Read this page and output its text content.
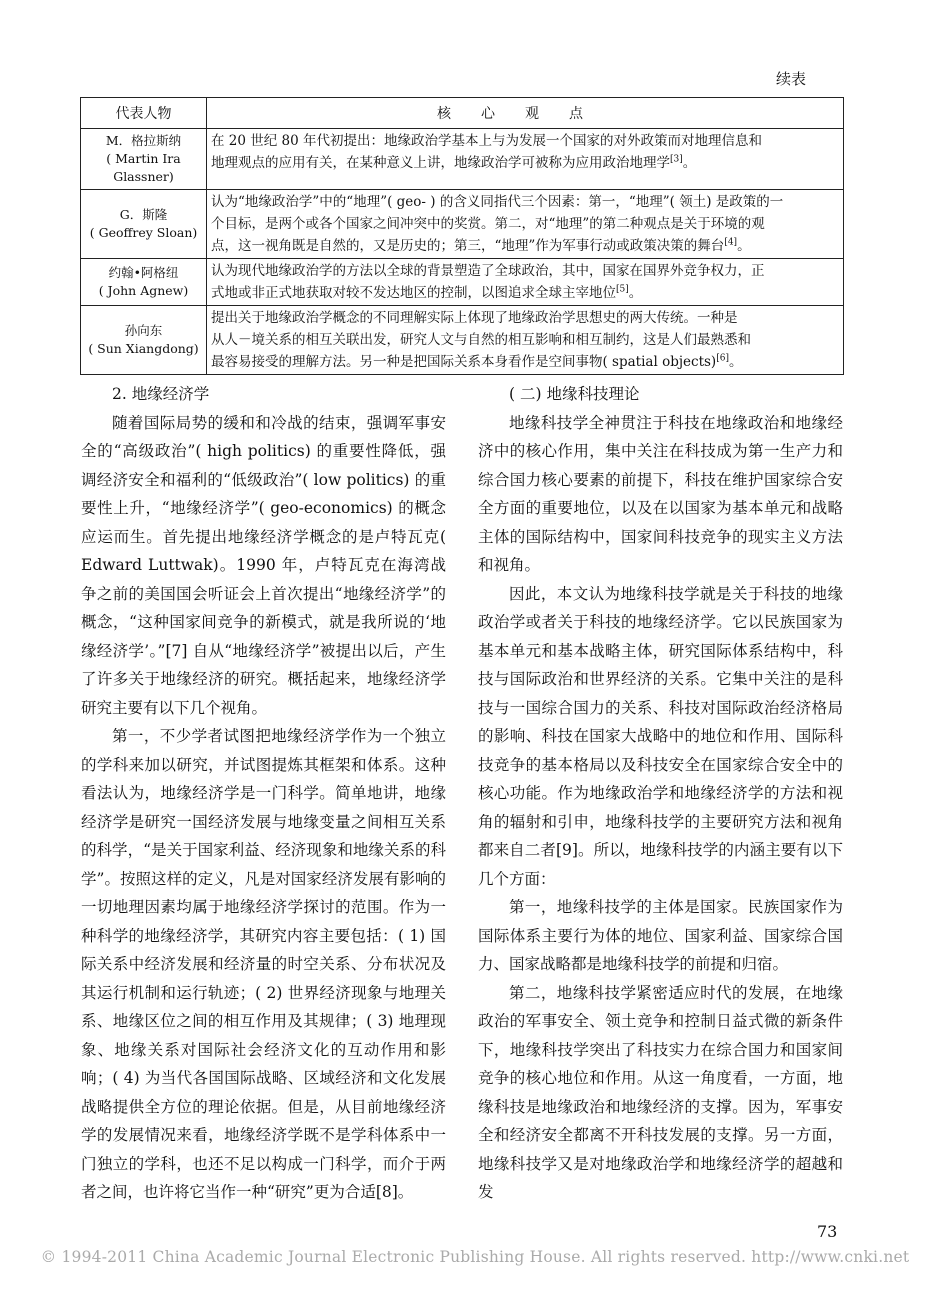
续表
代表人物	核心观点

M．格拉斯纳
( Martin Ira Glassner)	在 20 世纪 80 年代初提出：地缘政治学基本上与为发展一个国家的对外政策而对地理信息和
地理观点的应用有关，在某种意义上讲，地缘政治学可被称为应用政治地理学[3]。

G．斯隆
( Geoffrey Sloan)	认为“地缘政治学”中的“地理”( geo- ) 的含义同指代三个因素：第一，“地理”( 领土) 是政策的一
个目标，是两个或各个国家之间冲突中的奖赏。第二，对“地理”的第二种观点是关于环境的观
点，这一视角既是自然的，又是历史的；第三，“地理”作为军事行动或政策决策的舞台[4]。

约翰•阿格纽
( John Agnew)	认为现代地缘政治学的方法以全球的背景塑造了全球政治，其中，国家在国界外竞争权力，正
式地或非正式地获取对较不发达地区的控制，以图追求全球主宰地位[5]。

孙向东
( Sun Xiangdong)	提出关于地缘政治学概念的不同理解实际上体现了地缘政治学思想史的两大传统。一种是
从人－境关系的相互关联出发，研究人文与自然的相互影响和相互制约，这是人们最熟悉和
最容易接受的理解方法。另一种是把国际关系本身看作是空间事物( spatial objects)[6]。
2. 地缘经济学

随着国际局势的缓和和冷战的结束，强调军事安全的“高级政治”( high politics) 的重要性降低，强调经济安全和福利的“低级政治”( low politics) 的重要性上升，“地缘经济学”( geo-economics) 的概念应运而生。首先提出地缘经济学概念的是卢特瓦克( Edward Luttwak)。1990 年，卢特瓦克在海湾战争之前的美国国会听证会上首次提出“地缘经济学”的概念，“这种国家间竞争的新模式，就是我所说的‘地缘经济学’。”[7] 自从“地缘经济学”被提出以后，产生了许多关于地缘经济的研究。概括起来，地缘经济学研究主要有以下几个视角。

第一，不少学者试图把地缘经济学作为一个独立的学科来加以研究，并试图提炼其框架和体系。这种看法认为，地缘经济学是一门科学。简单地讲，地缘经济学是研究一国经济发展与地缘变量之间相互关系的科学，“是关于国家利益、经济现象和地缘关系的科学”。按照这样的定义，凡是对国家经济发展有影响的一切地理因素均属于地缘经济学探讨的范围。作为一种科学的地缘经济学，其研究内容主要包括：( 1) 国际关系中经济发展和经济量的时空关系、分布状况及其运行机制和运行轨迹；( 2) 世界经济现象与地理关系、地缘区位之间的相互作用及其规律；( 3) 地理现象、地缘关系对国际社会经济文化的互动作用和影响；( 4) 为当代各国国际战略、区域经济和文化发展战略提供全方位的理论依据。但是，从目前地缘经济学的发展情况来看，地缘经济学既不是学科体系中一门独立的学科，也还不足以构成一门科学，而介于两者之间，也许将它当作一种“研究”更为合适[8]。

( 二) 地缘科技理论

地缘科技学全神贯注于科技在地缘政治和地缘经济中的核心作用，集中关注在科技成为第一生产力和综合国力核心要素的前提下，科技在维护国家综合安全方面的重要地位，以及在以国家为基本单元和战略主体的国际结构中，国家间科技竞争的现实主义方法和视角。

因此，本文认为地缘科技学就是关于科技的地缘政治学或者关于科技的地缘经济学。它以民族国家为基本单元和基本战略主体，研究国际体系结构中，科技与国际政治和世界经济的关系。它集中关注的是科技与一国综合国力的关系、科技对国际政治经济格局的影响、科技在国家大战略中的地位和作用、国际科技竞争的基本格局以及科技安全在国家综合安全中的核心功能。作为地缘政治学和地缘经济学的方法和视角的辐射和引申，地缘科技学的主要研究方法和视角都来自二者[9]。所以，地缘科技学的内涵主要有以下几个方面：

第一，地缘科技学的主体是国家。民族国家作为国际体系主要行为体的地位、国家利益、国家综合国力、国家战略都是地缘科技学的前提和归宿。

第二，地缘科技学紧密适应时代的发展，在地缘政治的军事安全、领土竞争和控制日益式微的新条件下，地缘科技学突出了科技实力在综合国力和国家间竞争的核心地位和作用。从这一角度看，一方面，地缘科技是地缘政治和地缘经济的支撑。因为，军事安全和经济安全都离不开科技发展的支撑。另一方面，地缘科技学又是对地缘政治学和地缘经济学的超越和发

73
© 1994-2011 China Academic Journal Electronic Publishing House. All rights reserved. http://www.cnki.net
